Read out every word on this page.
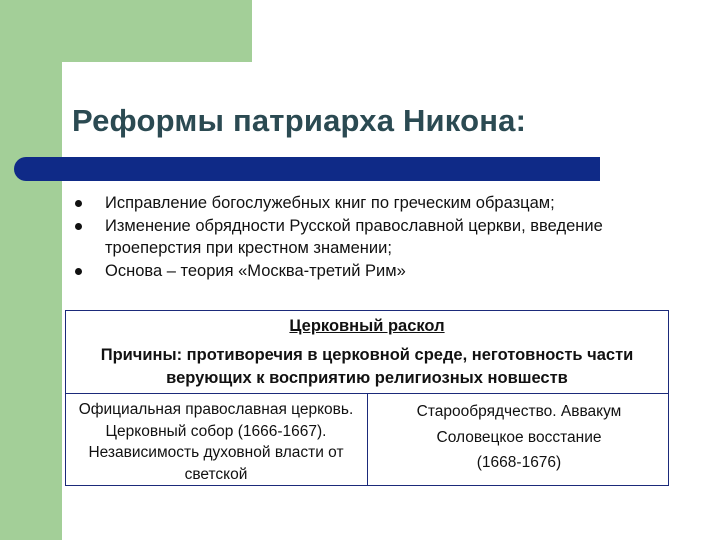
Реформы патриарха Никона:
Исправление богослужебных книг по греческим образцам;
Изменение обрядности Русской православной церкви, введение троеперстия при крестном знамении;
Основа – теория «Москва-третий Рим»
Церковный раскол
Причины: противоречия в церковной среде, неготовность части верующих к восприятию религиозных новшеств
Официальная православная церковь. Церковный собор (1666-1667). Независимость духовной власти от светской
Старообрядчество. Аввакум
Соловецкое восстание
(1668-1676)
